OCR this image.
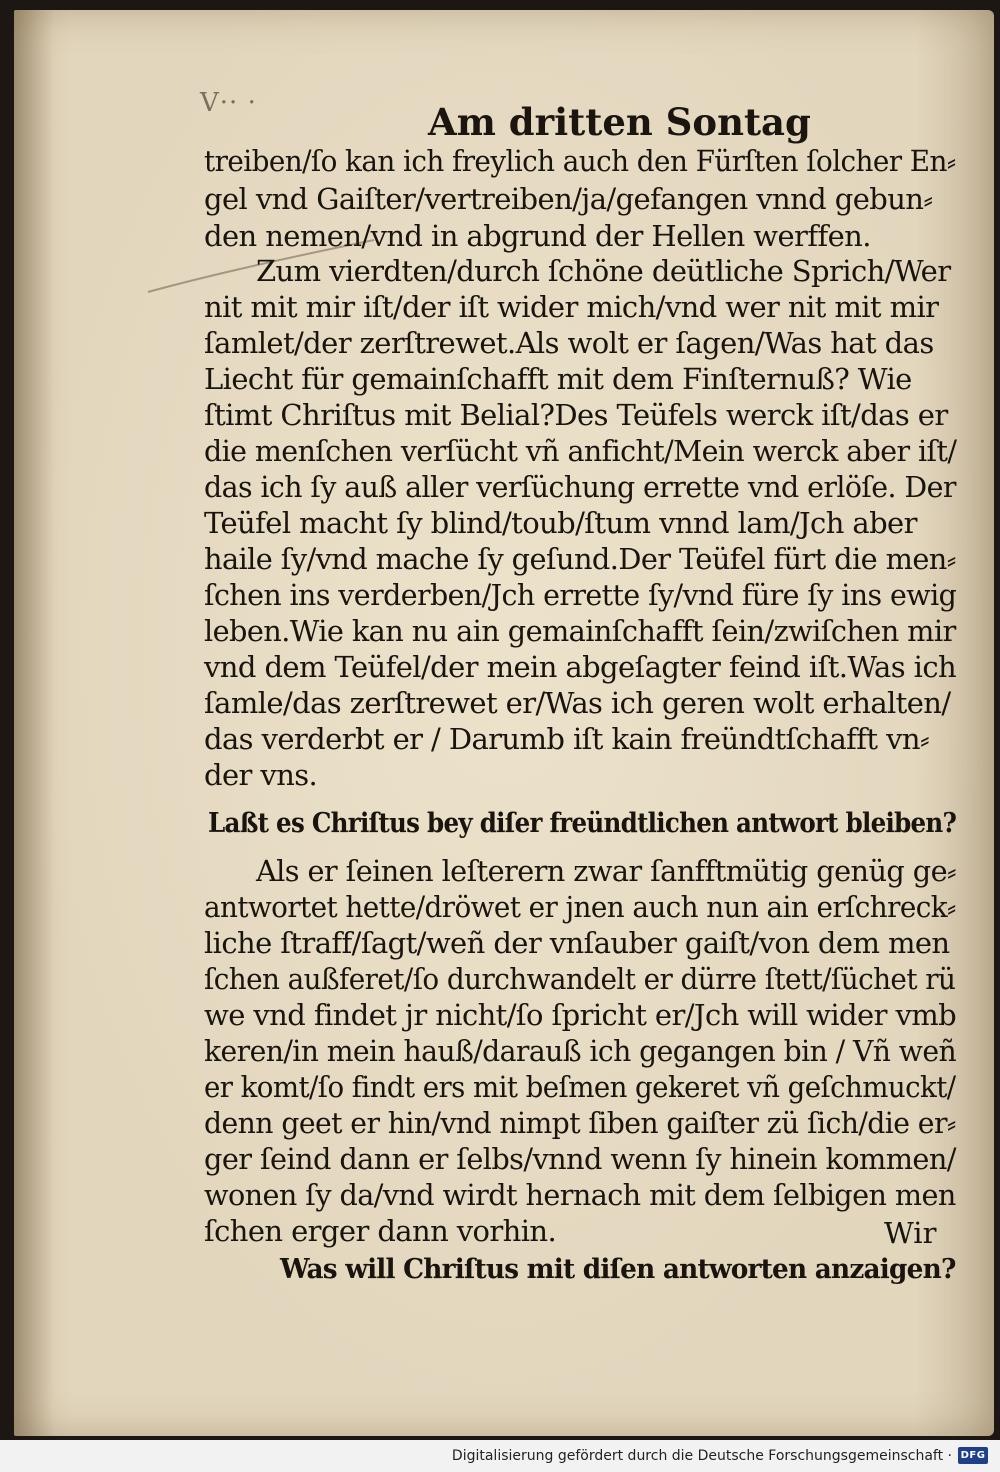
V·· ·	Am dritten Sontag
treiben/ſo kan ich freylich auch den Fürſten ſolcher En⸗
gel vnd Gaiſter/vertreiben/ja/gefangen vnnd gebun⸗
den nemen/vnd in abgrund der Hellen werffen.
Zum vierdten/durch ſchöne deütliche Sprich/Wer
nit mit mir iſt/der iſt wider mich/vnd wer nit mit mir
ſamlet/der zerſtrewet.Als wolt er ſagen/Was hat das
Liecht für gemainſchafft mit dem Finſternuß? Wie
ſtimt Chriſtus mit Belial?Des Teüfels werck iſt/das er
die menſchen verſücht vñ anficht/Mein werck aber iſt/
das ich ſy auß aller verſüchung errette vnd erlöſe. Der
Teüfel macht ſy blind/toub/ſtum vnnd lam/Jch aber
haile ſy/vnd mache ſy geſund.Der Teüfel fürt die men⸗
ſchen ins verderben/Jch errette ſy/vnd füre ſy ins ewig
leben.Wie kan nu ain gemainſchafft ſein/zwiſchen mir
vnd dem Teüfel/der mein abgeſagter feind iſt.Was ich
ſamle/das zerſtrewet er/Was ich geren wolt erhalten/
das verderbt er / Darumb iſt kain freündtſchafft vn⸗
der vns.
Laßt es Chriſtus bey diſer freündtlichen antwort bleiben?
Als er ſeinen leſterern zwar ſanfftmütig genüg ge⸗
antwortet hette/dröwet er jnen auch nun ain erſchreck⸗
liche ſtraff/ſagt/weñ der vnſauber gaiſt/von dem men
ſchen außferet/ſo durchwandelt er dürre ſtett/ſüchet rü
we vnd findet jr nicht/ſo ſpricht er/Jch will wider vmb
keren/in mein hauß/darauß ich gegangen bin / Vñ weñ
er komt/ſo findt ers mit beſmen gekeret vñ geſchmuckt/
denn geet er hin/vnd nimpt ſiben gaiſter zü ſich/die er⸗
ger ſeind dann er ſelbs/vnnd wenn ſy hinein kommen/
wonen ſy da/vnd wirdt hernach mit dem ſelbigen men
ſchen erger dann vorhin.
Was will Chriſtus mit diſen antworten anzaigen?
Wir
Digitalisierung gefördert durch die Deutsche Forschungsgemeinschaft · DFG
